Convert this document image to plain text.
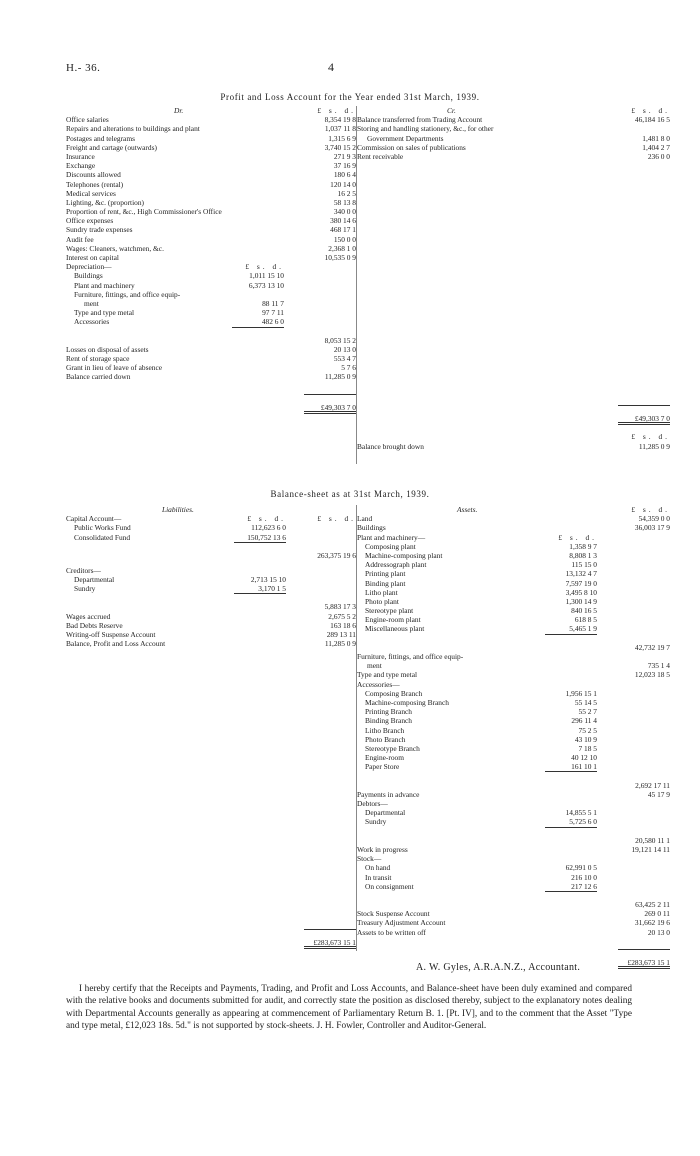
H.- 36.	4
Profit and Loss Account for the Year ended 31st March, 1939.
Balance-sheet as at 31st March, 1939.
Dr.	£ s. d.
Office salaries	8,354 19 8
Repairs and alterations to buildings and plant	1,037 11 8
Postages and telegrams	1,315 6 9
Freight and cartage (outwards)	3,740 15 2
Insurance	271 9 3
Exchange	37 16 9
Discounts allowed	180 6 4
Telephones (rental)	120 14 0
Medical services	16 2 5
Lighting, &c. (proportion)	58 13 8
Proportion of rent, &c., High Commissioner's Office	340 0 0
Office expenses	380 14 6
Sundry trade expenses	468 17 1
Audit fee	150 0 0
Wages: Cleaners, watchmen, &c.	2,368 1 0
Interest on capital	10,535 0 9
Depreciation—	£ s. d.
Buildings	1,011 15 10
Plant and machinery	6,373 13 10
Furniture, fittings, and office equip-
ment	88 11 7
Type and type metal	97 7 11
Accessories	482 6 0
8,053 15 2
Losses on disposal of assets	20 13 0
Rent of storage space	553 4 7
Grant in lieu of leave of absence	5 7 6
Balance carried down	11,285 0 9
£49,303 7 0
Cr.	£ s. d.
Balance transferred from Trading Account	46,184 16 5
Storing and handling stationery, &c., for other
Government Departments	1,481 8 0
Commission on sales of publications	1,404 2 7
Rent receivable	236 0 0
£49,303 7 0
£ s. d.
Balance brought down	11,285 0 9
Liabilities.
Capital Account—	£ s. d.	£ s. d.
Public Works Fund	112,623 6 0
Consolidated Fund	150,752 13 6
263,375 19 6
Creditors—
Departmental	2,713 15 10
Sundry	3,170 1 5
5,883 17 3
Wages accrued	2,675 5 2
Bad Debts Reserve	163 18 6
Writing-off Suspense Account	289 13 11
Balance, Profit and Loss Account	11,285 0 9
£283,673 15 1
Assets.	£ s. d.
Land	54,359 0 0
Buildings	36,003 17 9
Plant and machinery—	£ s. d.
Composing plant	1,358 9 7
Machine-composing plant	8,808 1 3
Addressograph plant	115 15 0
Printing plant	13,132 4 7
Binding plant	7,597 19 0
Litho plant	3,495 8 10
Photo plant	1,300 14 9
Stereotype plant	840 16 5
Engine-room plant	618 8 5
Miscellaneous plant	5,465 1 9
42,732 19 7
Furniture, fittings, and office equip-
ment	735 1 4
Type and type metal	12,023 18 5
Accessories—
Composing Branch	1,956 15 1
Machine-composing Branch	55 14 5
Printing Branch	55 2 7
Binding Branch	296 11 4
Litho Branch	75 2 5
Photo Branch	43 10 9
Stereotype Branch	7 18 5
Engine-room	40 12 10
Paper Store	161 10 1
2,692 17 11
Payments in advance	45 17 9
Debtors—
Departmental	14,855 5 1
Sundry	5,725 6 0
20,580 11 1
Work in progress	19,121 14 11
Stock—
On hand	62,991 0 5
In transit	216 10 0
On consignment	217 12 6
63,425 2 11
Stock Suspense Account	269 0 11
Treasury Adjustment Account	31,662 19 6
Assets to be written off	20 13 0
£283,673 15 1
A. W. Gyles, A.R.A.N.Z., Accountant.
I hereby certify that the Receipts and Payments, Trading, and Profit and Loss Accounts, and Balance-sheet have been duly examined and compared with the relative books and documents submitted for audit, and correctly state the position as disclosed thereby, subject to the explanatory notes dealing with Departmental Accounts generally as appearing at commencement of Parliamentary Return B. 1. [Pt. IV], and to the comment that the Asset "Type and type metal, £12,023 18s. 5d." is not supported by stock-sheets. J. H. Fowler, Controller and Auditor-General.
